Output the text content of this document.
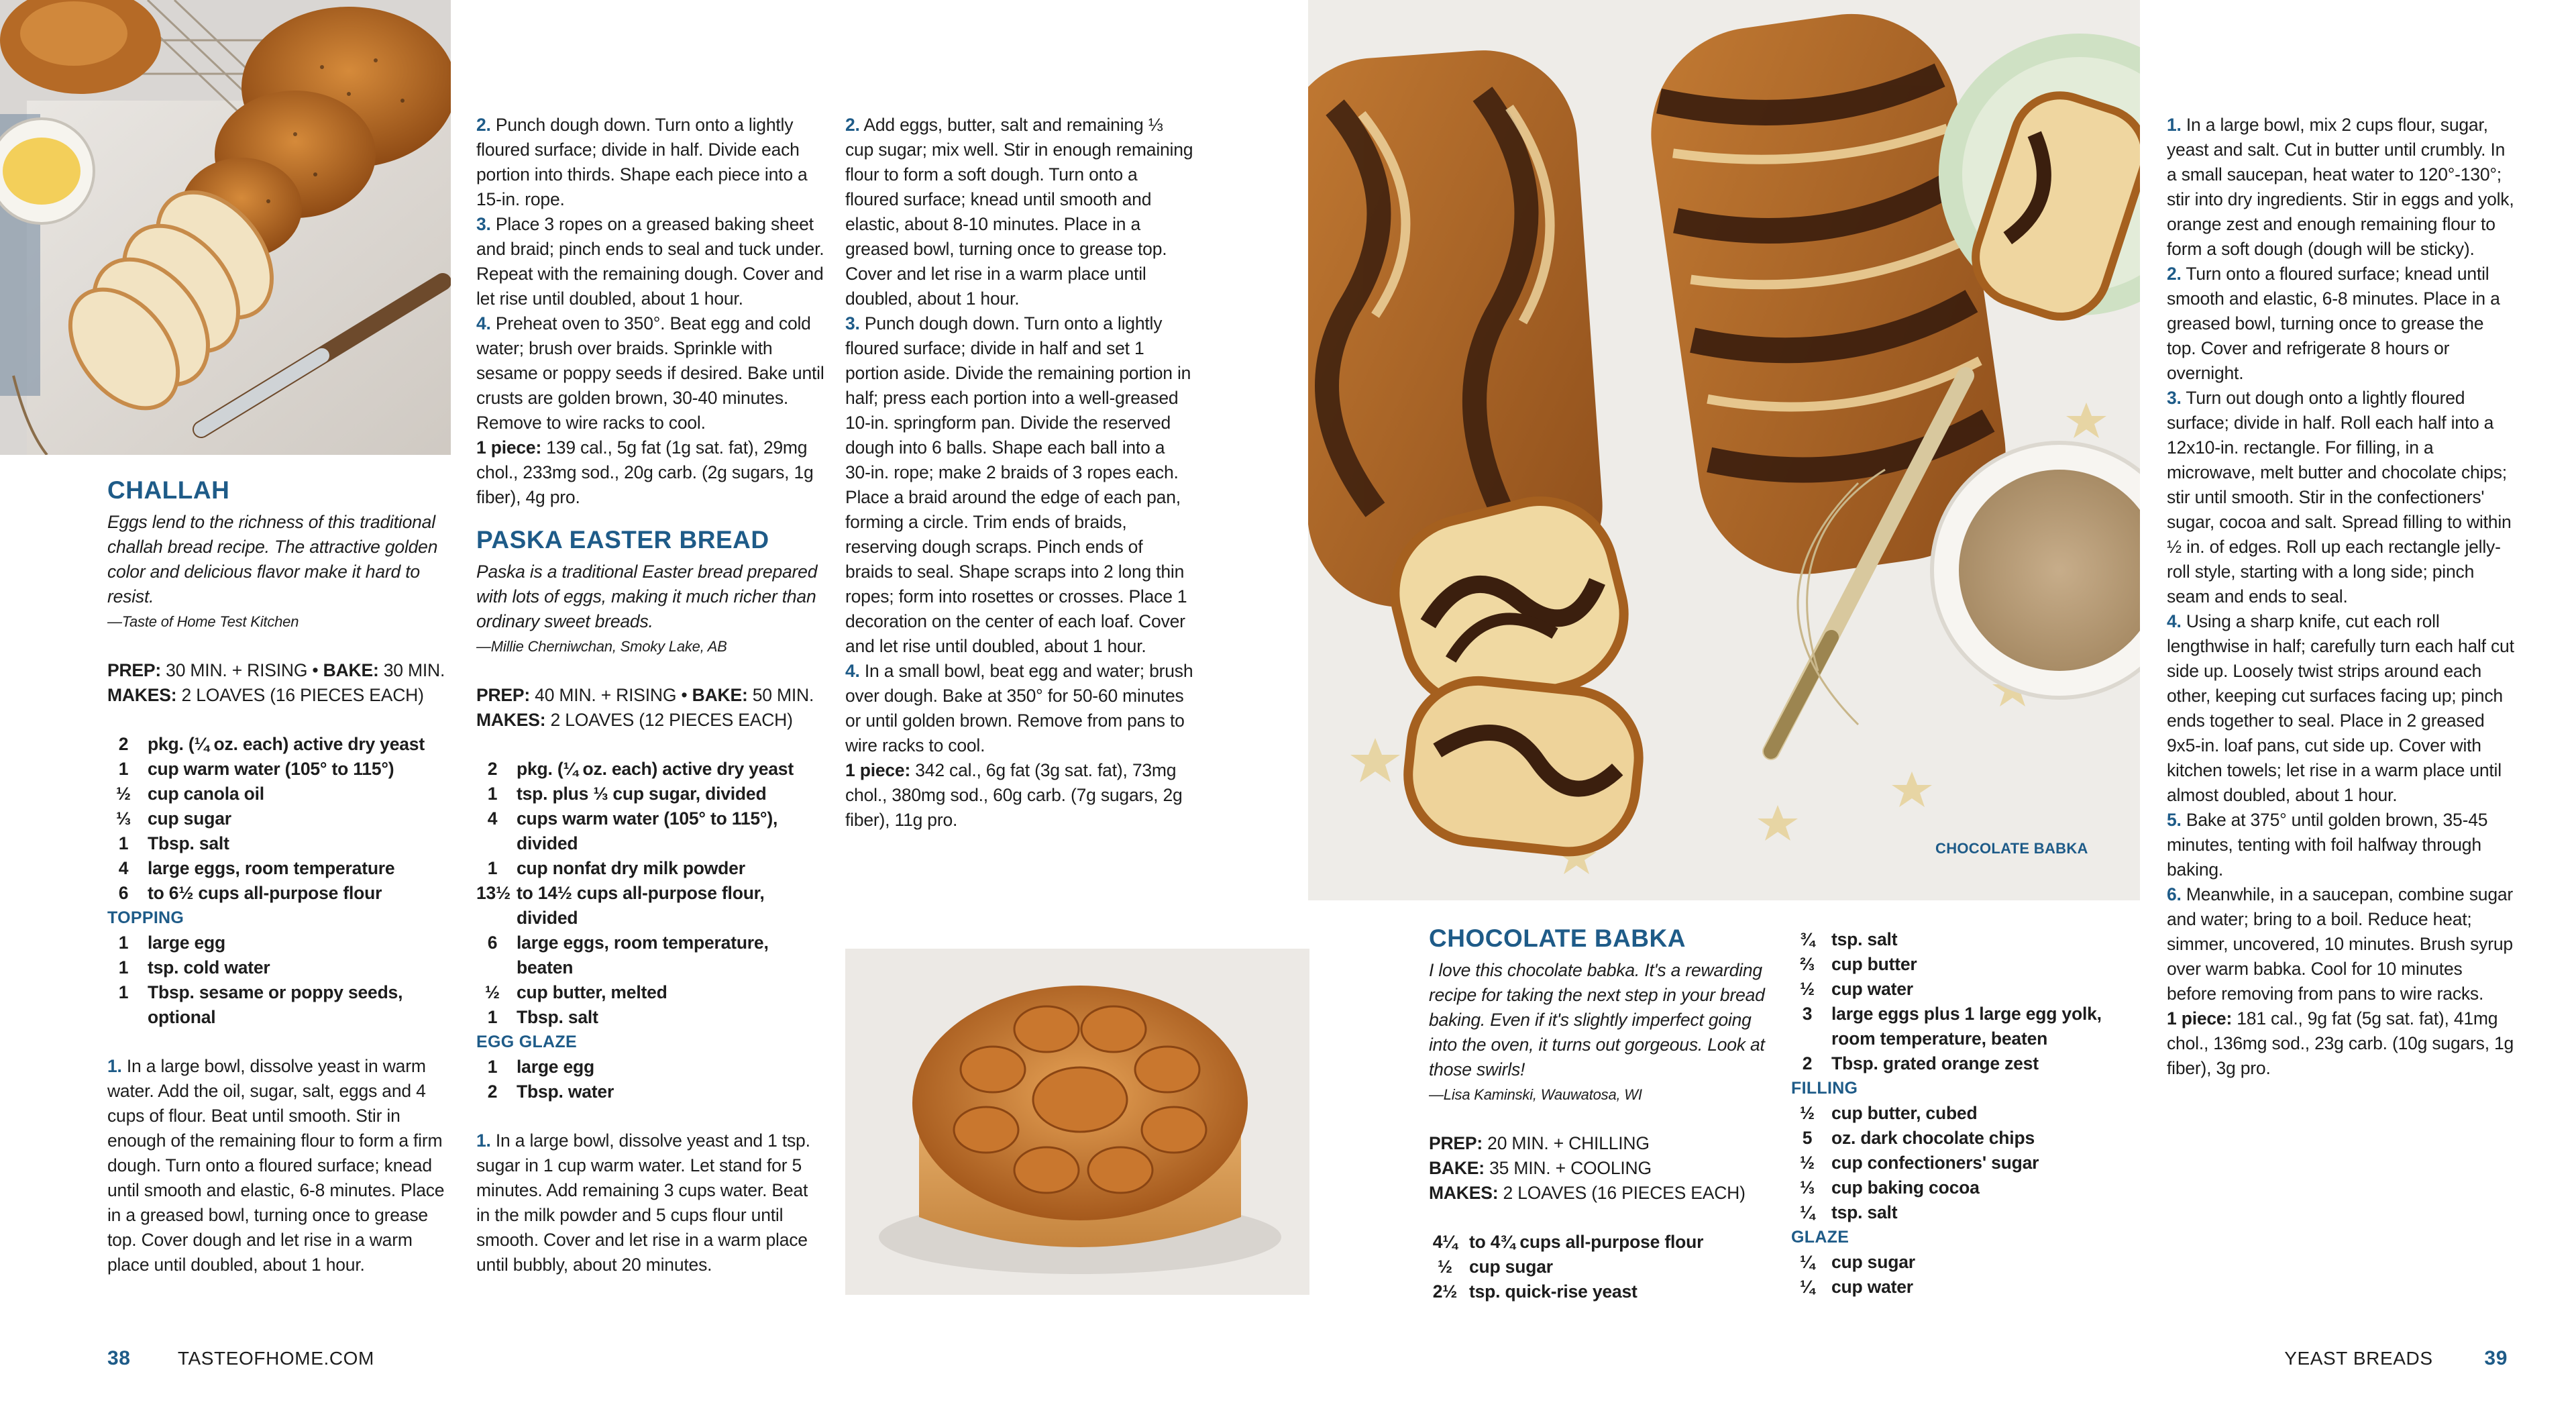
CHOCOLATE BABKA
CHALLAH

Eggs lend to the richness of this traditional challah bread recipe. The attractive golden color and delicious flavor make it hard to resist.

—Taste of Home Test Kitchen

PREP: 30 MIN. + RISING • BAKE: 30 MIN.
MAKES: 2 LOAVES (16 PIECES EACH)
2	pkg. (¼ oz. each) active dry yeast
1	cup warm water (105° to 115°)
½ cup canola oil
⅓ cup sugar
1	Tbsp. salt
4	large eggs, room temperature
6	to 6½ cups all-purpose flour
TOPPING
1	large egg
1	tsp. cold water
1	Tbsp. sesame or poppy seeds,
optional

1. In a large bowl, dissolve yeast in warm water. Add the oil, sugar, salt, eggs and 4 cups of flour. Beat until smooth. Stir in enough of the remaining flour to form a firm dough. Turn onto a floured surface; knead until smooth and elastic, 6-8 minutes. Place in a greased bowl, turning once to grease top. Cover dough and let rise in a warm place until doubled, about 1 hour.

2. Punch dough down. Turn onto a lightly floured surface; divide in half. Divide each portion into thirds. Shape each piece into a 15-in. rope.

3. Place 3 ropes on a greased baking sheet and braid; pinch ends to seal and tuck under. Repeat with the remaining dough. Cover and let rise until doubled, about 1 hour.

4. Preheat oven to 350°. Beat egg and cold water; brush over braids. Sprinkle with sesame or poppy seeds if desired. Bake until crusts are golden brown, 30-40 minutes. Remove to wire racks to cool.

1 piece: 139 cal., 5g fat (1g sat. fat), 29mg chol., 233mg sod., 20g carb. (2g sugars, 1g fiber), 4g pro.

PASKA EASTER BREAD

Paska is a traditional Easter bread prepared with lots of eggs, making it much richer than ordinary sweet breads.

—Millie Cherniwchan, Smoky Lake, AB

PREP: 40 MIN. + RISING • BAKE: 50 MIN.
MAKES: 2 LOAVES (12 PIECES EACH)
2	pkg. (¼ oz. each) active dry yeast
1	tsp. plus ⅓ cup sugar, divided
4	cups warm water (105° to 115°),
divided
1	cup nonfat dry milk powder
13½ to 14½ cups all-purpose flour,
divided
6	large eggs, room temperature,
beaten
½ cup butter, melted
1	Tbsp. salt
EGG GLAZE
1	large egg
2	Tbsp. water

1. In a large bowl, dissolve yeast and 1 tsp. sugar in 1 cup warm water. Let stand for 5 minutes. Add remaining 3 cups water. Beat in the milk powder and 5 cups flour until smooth. Cover and let rise in a warm place until bubbly, about 20 minutes.

2. Add eggs, butter, salt and remaining ⅓ cup sugar; mix well. Stir in enough remaining flour to form a soft dough. Turn onto a floured surface; knead until smooth and elastic, about 8-10 minutes. Place in a greased bowl, turning once to grease top. Cover and let rise in a warm place until doubled, about 1 hour.

3. Punch dough down. Turn onto a lightly floured surface; divide in half and set 1 portion aside. Divide the remaining portion in half; press each portion into a well-greased 10-in. springform pan. Divide the reserved dough into 6 balls. Shape each ball into a 30-in. rope; make 2 braids of 3 ropes each. Place a braid around the edge of each pan, forming a circle. Trim ends of braids, reserving dough scraps. Pinch ends of braids to seal. Shape scraps into 2 long thin ropes; form into rosettes or crosses. Place 1 decoration on the center of each loaf. Cover and let rise until doubled, about 1 hour.

4. In a small bowl, beat egg and water; brush over dough. Bake at 350° for 50-60 minutes or until golden brown. Remove from pans to wire racks to cool.

1 piece: 342 cal., 6g fat (3g sat. fat), 73mg chol., 380mg sod., 60g carb. (7g sugars, 2g fiber), 11g pro.

CHOCOLATE BABKA

I love this chocolate babka. It's a rewarding recipe for taking the next step in your bread baking. Even if it's slightly imperfect going into the oven, it turns out gorgeous. Look at those swirls!

—Lisa Kaminski, Wauwatosa, WI

PREP: 20 MIN. + CHILLING
BAKE: 35 MIN. + COOLING
MAKES: 2 LOAVES (16 PIECES EACH)
4¼ to 4¾ cups all-purpose flour
½ cup sugar
2½ tsp. quick-rise yeast
¾ tsp. salt
⅔ cup butter
½ cup water
3	large eggs plus 1 large egg yolk,
room temperature, beaten
2	Tbsp. grated orange zest
FILLING
½ cup butter, cubed
5	oz. dark chocolate chips
½ cup confectioners' sugar
⅓ cup baking cocoa
¼ tsp. salt
GLAZE
¼ cup sugar
¼ cup water

1. In a large bowl, mix 2 cups flour, sugar, yeast and salt. Cut in butter until crumbly. In a small saucepan, heat water to 120°-130°; stir into dry ingredients. Stir in eggs and yolk, orange zest and enough remaining flour to form a soft dough (dough will be sticky).

2. Turn onto a floured surface; knead until smooth and elastic, 6-8 minutes. Place in a greased bowl, turning once to grease the top. Cover and refrigerate 8 hours or overnight.

3. Turn out dough onto a lightly floured surface; divide in half. Roll each half into a 12x10-in. rectangle. For filling, in a microwave, melt butter and chocolate chips; stir until smooth. Stir in the confectioners' sugar, cocoa and salt. Spread filling to within ½ in. of edges. Roll up each rectangle jelly-roll style, starting with a long side; pinch seam and ends to seal.

4. Using a sharp knife, cut each roll lengthwise in half; carefully turn each half cut side up. Loosely twist strips around each other, keeping cut surfaces facing up; pinch ends together to seal. Place in 2 greased 9x5-in. loaf pans, cut side up. Cover with kitchen towels; let rise in a warm place until almost doubled, about 1 hour.

5. Bake at 375° until golden brown, 35-45 minutes, tenting with foil halfway through baking.

6. Meanwhile, in a saucepan, combine sugar and water; bring to a boil. Reduce heat; simmer, uncovered, 10 minutes. Brush syrup over warm babka. Cool for 10 minutes before removing from pans to wire racks.

1 piece: 181 cal., 9g fat (5g sat. fat), 41mg chol., 136mg sod., 23g carb. (10g sugars, 1g fiber), 3g pro.

38	TASTEOFHOME.COM	YEAST BREADS	39
